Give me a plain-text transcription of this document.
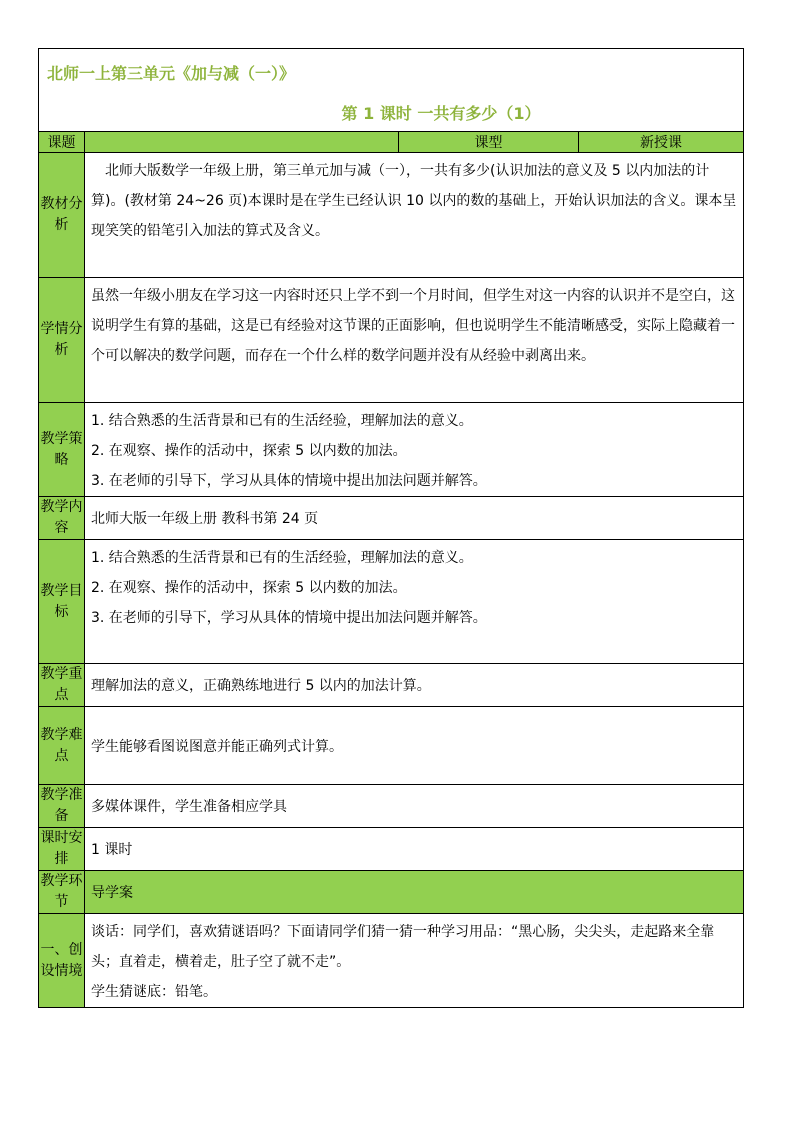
北师一上第三单元《加与减（一）》
第 1 课时 一共有多少（1）			

课题		课型	新授课
教材分析	北师大版数学一年级上册，第三单元加与减（一），一共有多少(认识加法的意义及 5 以内加法的计算)。(教材第 24~26 页)本课时是在学生已经认识 10 以内的数的基础上，开始认识加法的含义。课本呈现笑笑的铅笔引入加法的算式及含义。		

学情分析	虽然一年级小朋友在学习这一内容时还只上学不到一个月时间，但学生对这一内容的认识并不是空白，这说明学生有算的基础，这是已有经验对这节课的正面影响，但也说明学生不能清晰感受，实际上隐藏着一个可以解决的数学问题，而存在一个什么样的数学问题并没有从经验中剥离出来。		

教学策略	1. 结合熟悉的生活背景和已有的生活经验，理解加法的意义。

2. 在观察、操作的活动中，探索 5 以内数的加法。

3. 在老师的引导下，学习从具体的情境中提出加法问题并解答。		

教学内容	北师大版一年级上册 教科书第 24 页		
教学目标	1. 结合熟悉的生活背景和已有的生活经验，理解加法的意义。

2. 在观察、操作的活动中，探索 5 以内数的加法。

3. 在老师的引导下，学习从具体的情境中提出加法问题并解答。		

教学重点	理解加法的意义，正确熟练地进行 5 以内的加法计算。		
教学难点	学生能够看图说图意并能正确列式计算。		
教学准备	多媒体课件，学生准备相应学具		
课时安排	1 课时		
教学环节	导学案		
一、创设情境	谈话：同学们，喜欢猜谜语吗？下面请同学们猜一猜一种学习用品：“黑心肠，尖尖头，走起路来全靠头；直着走，横着走，肚子空了就不走”。

学生猜谜底：铅笔。		
